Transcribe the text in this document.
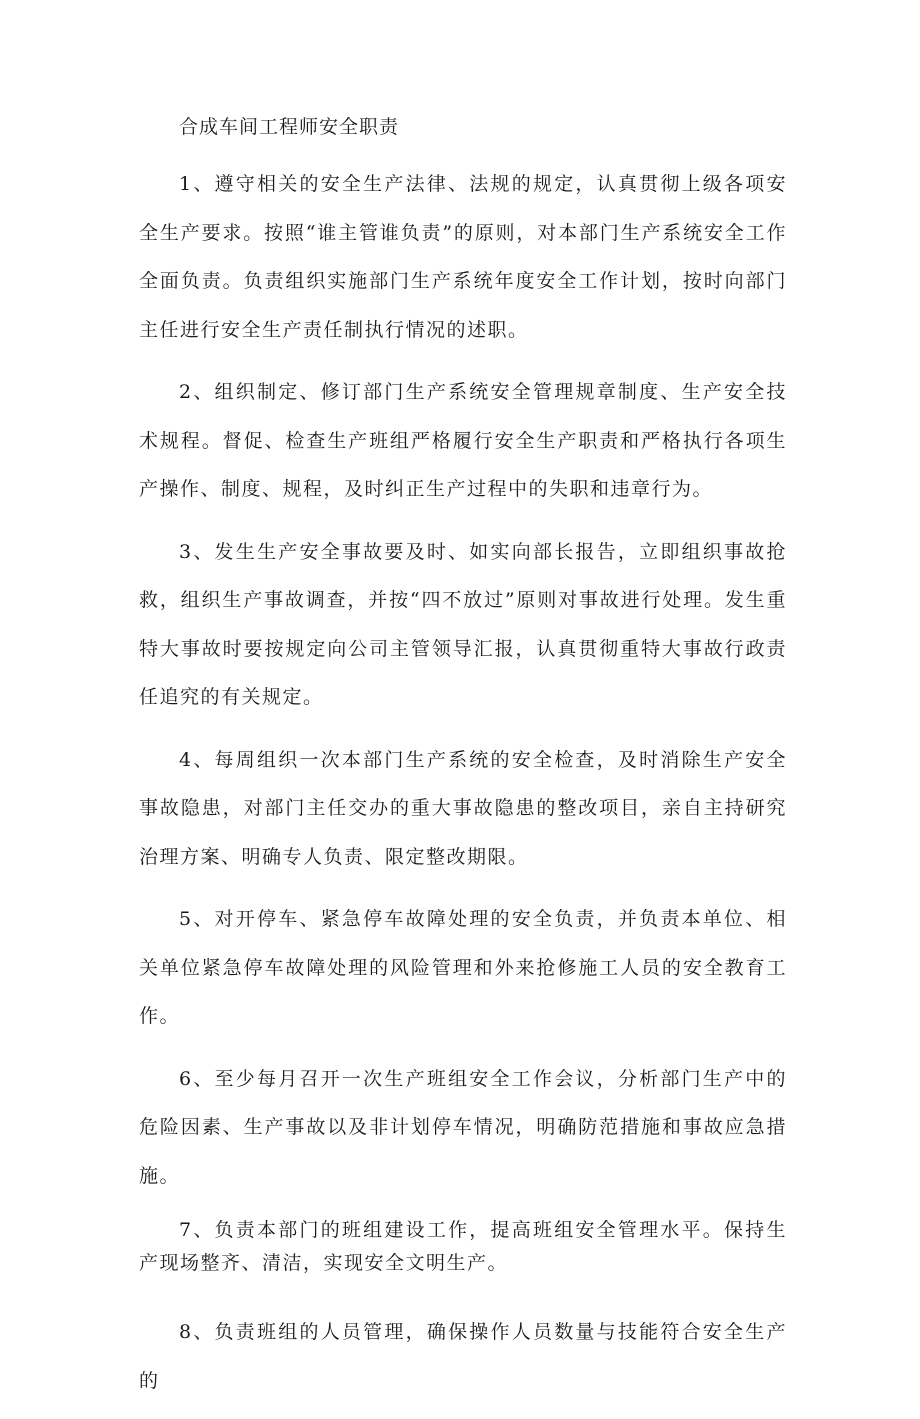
合成车间工程师安全职责

1、遵守相关的安全生产法律、法规的规定，认真贯彻上级各项安全生产要求。按照“谁主管谁负责”的原则，对本部门生产系统安全工作全面负责。负责组织实施部门生产系统年度安全工作计划，按时向部门主任进行安全生产责任制执行情况的述职。

2、组织制定、修订部门生产系统安全管理规章制度、生产安全技术规程。督促、检查生产班组严格履行安全生产职责和严格执行各项生产操作、制度、规程，及时纠正生产过程中的失职和违章行为。

3、发生生产安全事故要及时、如实向部长报告，立即组织事故抢救，组织生产事故调查，并按“四不放过”原则对事故进行处理。发生重特大事故时要按规定向公司主管领导汇报，认真贯彻重特大事故行政责任追究的有关规定。

4、每周组织一次本部门生产系统的安全检查，及时消除生产安全事故隐患，对部门主任交办的重大事故隐患的整改项目，亲自主持研究治理方案、明确专人负责、限定整改期限。

5、对开停车、紧急停车故障处理的安全负责，并负责本单位、相关单位紧急停车故障处理的风险管理和外来抢修施工人员的安全教育工作。

6、至少每月召开一次生产班组安全工作会议，分析部门生产中的危险因素、生产事故以及非计划停车情况，明确防范措施和事故应急措施。

7、负责本部门的班组建设工作，提高班组安全管理水平。保持生产现场整齐、清洁，实现安全文明生产。

8、负责班组的人员管理，确保操作人员数量与技能符合安全生产的
